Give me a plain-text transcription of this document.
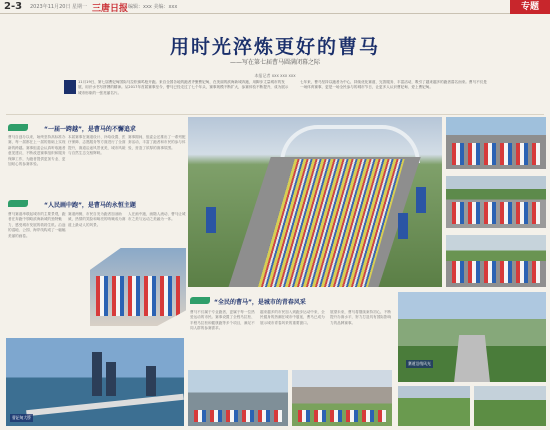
2-3 2023年11月20日 星期一 三唐日报 编辑：xxx 美编：xxx	专题
用时光淬炼更好的曹马
——写在第七届曹马圆满闭幕之际
本报记者 xxx xxx xxx
11月19日，第七届曹妃甸国际马拉松赛鸣枪开跑。来自全国各地的跑者齐聚曹妃甸，在美丽的滨海新城奔跑，用脚步丈量城市的发展，用汗水书写拼搏的精神。从2017年首届赛事至今，曹马已经走过了七个年头，赛事规模不断扩大，参赛体验不断提升，成为展示城市形象的一张亮丽名片。
七年来，曹马坚持以跑者为中心，持续优化赛道、完善服务、丰富活动，吸引了越来越多的跑者慕名而来。曹马不仅是一场体育赛事，更是一场全民参与的城市节日，让更多人认识曹妃甸、爱上曹妃甸。
“一届一跨越”，是曹马的不懈追求

曹马自创办以来，始终坚持高标准办赛，每一届都在上一届的基础上实现新的跨越。赛事组委会认真听取跑者意见建议，不断改进赛事组织和服务保障工作，为跑者提供更加专业、更加贴心的参赛体验。

本届赛事在赛道设计、补给设置、医疗保障、志愿服务等方面进行了全面提升，赛道沿途风景优美，城市风貌与自然生态交相辉映。

赛事期间，组委会还推出了一系列配套活动，丰富了跑者和市民的参与体验，营造了浓厚的赛事氛围。

“人民画中跑”，是曹马的永恒主题

曹马赛道串联起城市的主要景观，跑者在奔跑中领略滨海新城的独特魅力，感受城市发展的勃勃生机。沿途的湿地、公园、海岸线构成了一幅幅美丽的画卷。

赛道两侧，市民自发为跑者加油助威，热情的笑脸和响亮的呐喊成为赛道上最动人的风景。

人在画中跑，画随人流动，曹马让城市之美与运动之美融为一体。

“全民的曹马”，是城市的青春风采

曹马不仅属于专业跑者，更属于每一位热爱运动的市民。赛事设置了全程马拉松、半程马拉松和健康跑等多个项目，满足不同人群的参赛需求。

越来越多的市民加入到跑步运动中来，全民健身的热潮在城市中蔓延，曹马已成为展示城市青春风采的重要窗口。

展望未来，曹马将继续秉持初心，不断提升办赛水平，努力打造具有国际影响力的品牌赛事。

曹妃甸大桥
赛道沿线风光
